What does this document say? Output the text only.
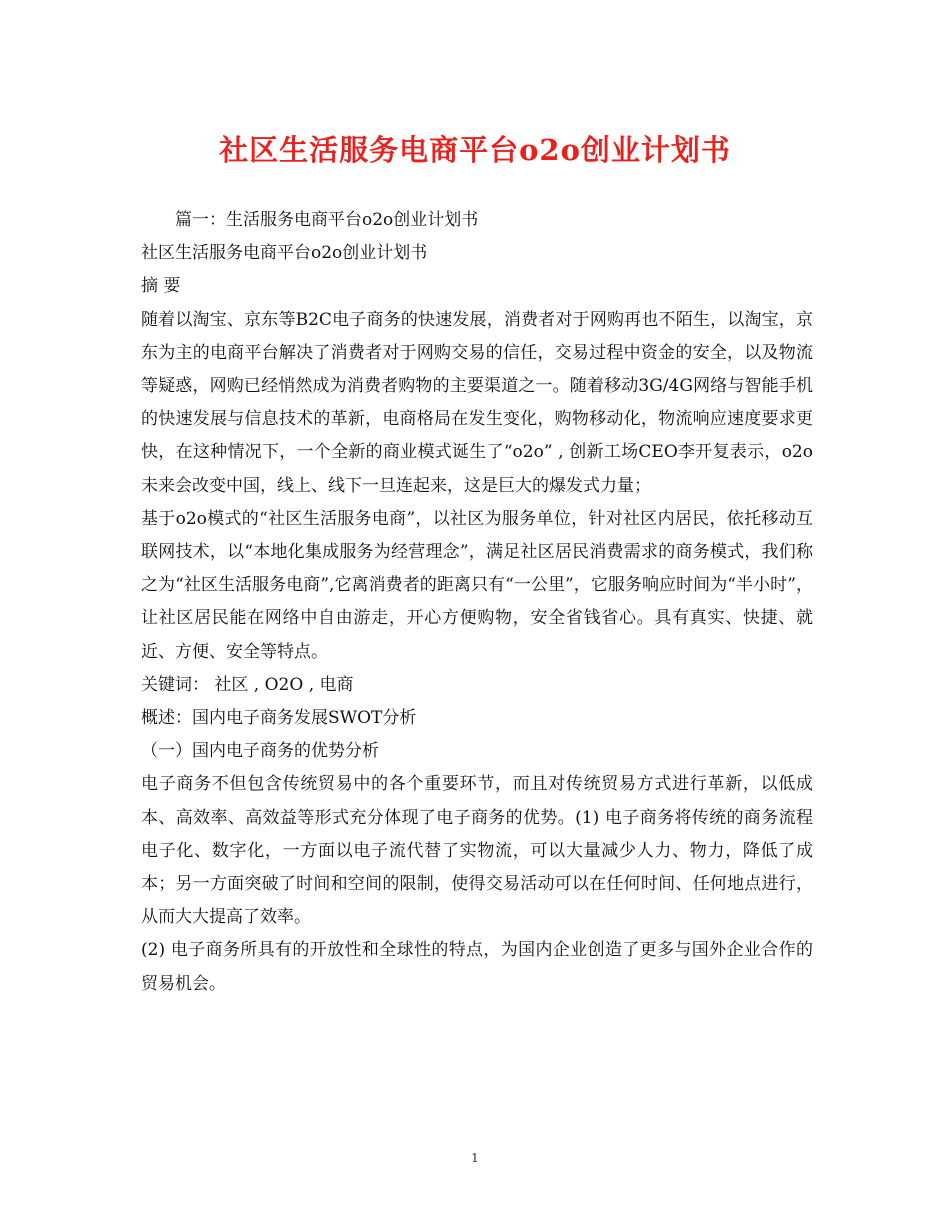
社区生活服务电商平台o2o创业计划书

篇一：生活服务电商平台o2o创业计划书

社区生活服务电商平台o2o创业计划书

摘 要

随着以淘宝、京东等B2C电子商务的快速发展，消费者对于网购再也不陌生，以淘宝，京东为主的电商平台解决了消费者对于网购交易的信任，交易过程中资金的安全，以及物流等疑惑，网购已经悄然成为消费者购物的主要渠道之一。随着移动3G/4G网络与智能手机的快速发展与信息技术的革新，电商格局在发生变化，购物移动化，物流响应速度要求更快，在这种情况下，一个全新的商业模式诞生了“o2o” , 创新工场CEO李开复表示，o2o未来会改变中国，线上、线下一旦连起来，这是巨大的爆发式力量；

基于o2o模式的“社区生活服务电商”，以社区为服务单位，针对社区内居民，依托移动互联网技术，以“本地化集成服务为经营理念”，满足社区居民消费需求的商务模式，我们称之为“社区生活服务电商”,它离消费者的距离只有“一公里”，它服务响应时间为“半小时”，让社区居民能在网络中自由游走，开心方便购物，安全省钱省心。具有真实、快捷、就近、方便、安全等特点。

关键词： 社区 , O2O , 电商

概述：国内电子商务发展SWOT分析

（一）国内电子商务的优势分析

电子商务不但包含传统贸易中的各个重要环节，而且对传统贸易方式进行革新，以低成本、高效率、高效益等形式充分体现了电子商务的优势。(1) 电子商务将传统的商务流程电子化、数字化，一方面以电子流代替了实物流，可以大量减少人力、物力，降低了成本；另一方面突破了时间和空间的限制，使得交易活动可以在任何时间、任何地点进行，从而大大提高了效率。

(2) 电子商务所具有的开放性和全球性的特点，为国内企业创造了更多与国外企业合作的贸易机会。

1
